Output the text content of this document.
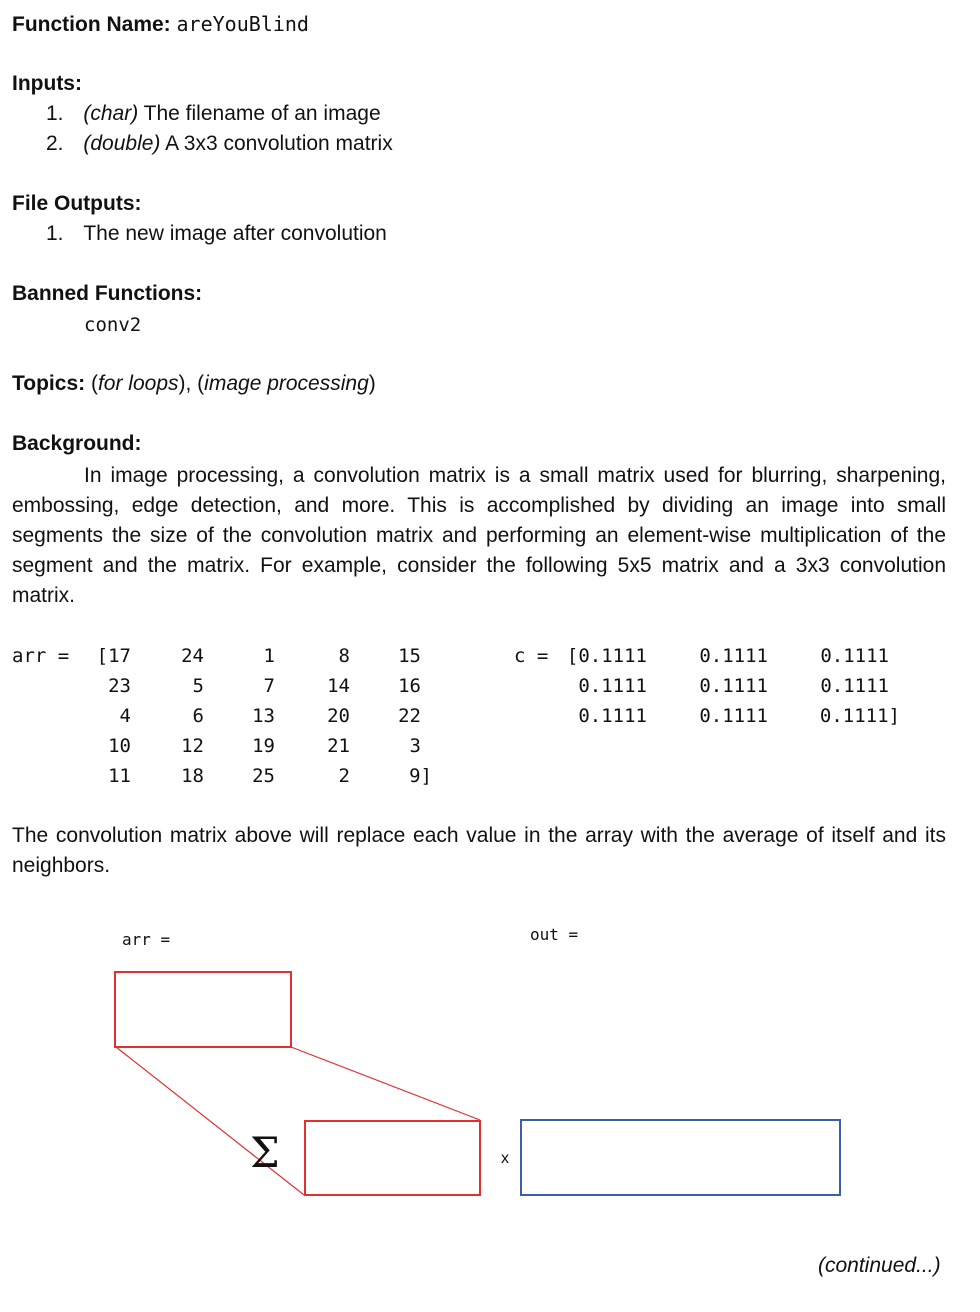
Function Name: areYouBlind
Inputs:
1. (char) The filename of an image
2. (double) A 3x3 convolution matrix
File Outputs:
1. The new image after convolution
Banned Functions:
conv2
Topics: (for loops), (image processing)
Background:
In image processing, a convolution matrix is a small matrix used for blurring, sharpening, embossing, edge detection, and more. This is accomplished by dividing an image into small segments the size of the convolution matrix and performing an element-wise multiplication of the segment and the matrix. For example, consider the following 5x5 matrix and a 3x3 convolution matrix.
arr = [17	24	1	8	15
23	5	7	14	16
4	6	13	20	22
10	12	19	21	3
11	18	25	2	9]
c = [0.1111	0.1111	0.1111
0.1111	0.1111	0.1111
0.1111	0.1111	0.1111]
The convolution matrix above will replace each value in the array with the average of itself and its neighbors.
arr =	out =
Σ	x
(continued...)
